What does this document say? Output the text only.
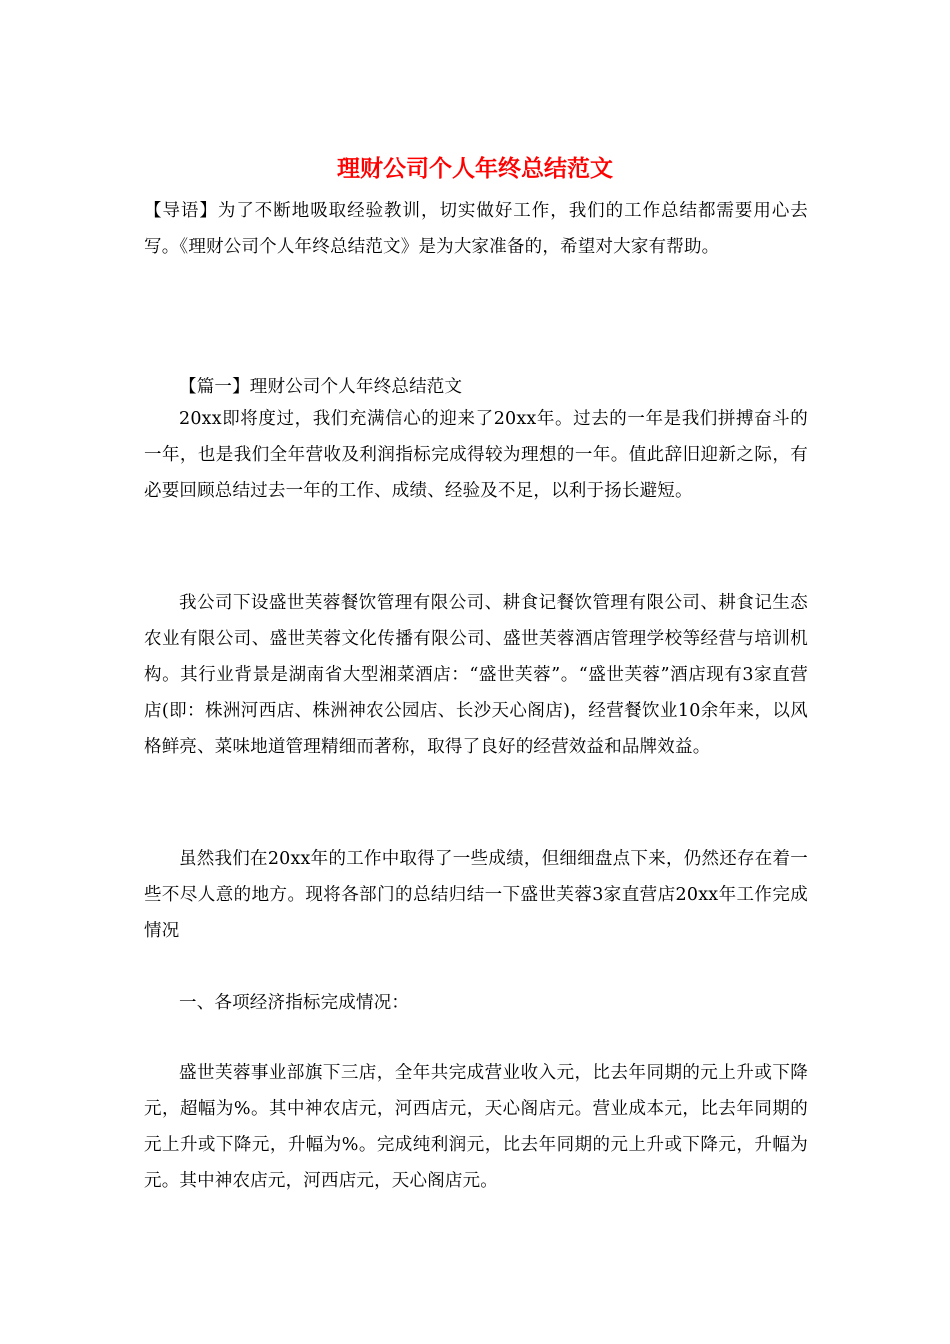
理财公司个人年终总结范文

【导语】为了不断地吸取经验教训，切实做好工作，我们的工作总结都需要用心去写。《理财公司个人年终总结范文》是为大家准备的，希望对大家有帮助。

【篇一】理财公司个人年终总结范文

20xx即将度过，我们充满信心的迎来了20xx年。过去的一年是我们拼搏奋斗的一年，也是我们全年营收及利润指标完成得较为理想的一年。值此辞旧迎新之际，有必要回顾总结过去一年的工作、成绩、经验及不足，以利于扬长避短。

我公司下设盛世芙蓉餐饮管理有限公司、耕食记餐饮管理有限公司、耕食记生态农业有限公司、盛世芙蓉文化传播有限公司、盛世芙蓉酒店管理学校等经营与培训机构。其行业背景是湖南省大型湘菜酒店：“盛世芙蓉”。“盛世芙蓉”酒店现有3家直营店(即：株洲河西店、株洲神农公园店、长沙天心阁店)，经营餐饮业10余年来，以风格鲜亮、菜味地道管理精细而著称，取得了良好的经营效益和品牌效益。

虽然我们在20xx年的工作中取得了一些成绩，但细细盘点下来，仍然还存在着一些不尽人意的地方。现将各部门的总结归结一下盛世芙蓉3家直营店20xx年工作完成情况

一、各项经济指标完成情况：

盛世芙蓉事业部旗下三店，全年共完成营业收入元，比去年同期的元上升或下降元，超幅为%。其中神农店元，河西店元，天心阁店元。营业成本元，比去年同期的元上升或下降元，升幅为%。完成纯利润元，比去年同期的元上升或下降元，升幅为元。其中神农店元，河西店元，天心阁店元。
